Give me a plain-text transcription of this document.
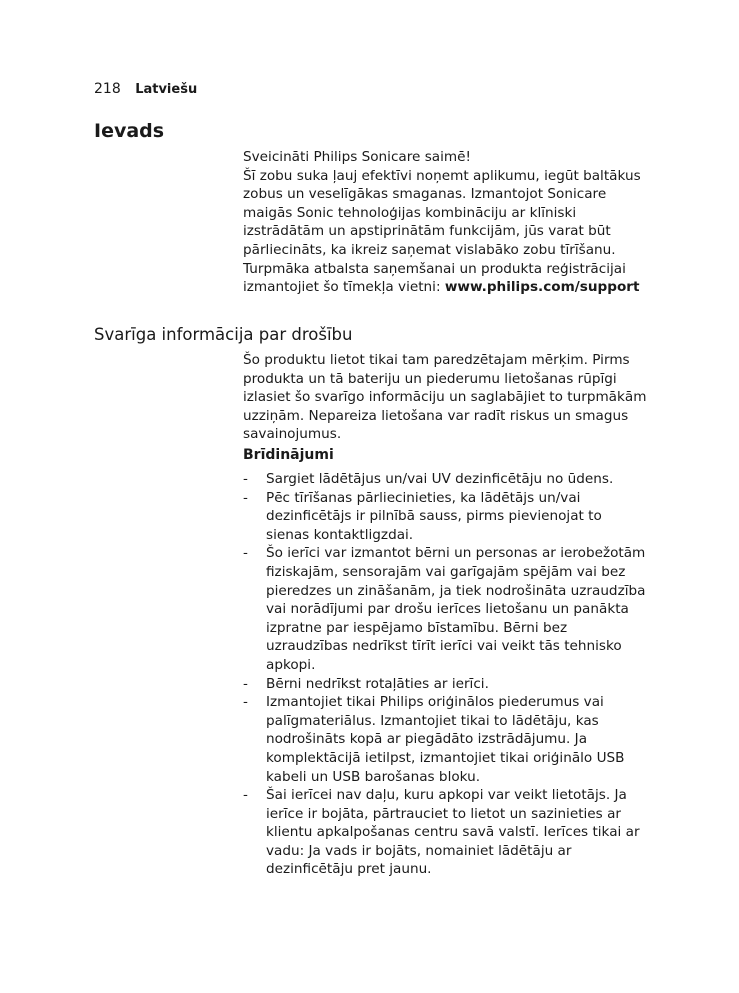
218 Latviešu
Ievads

Sveicināti Philips Sonicare saimē!

Šī zobu suka ļauj efektīvi noņemt aplikumu, iegūt baltākus zobus un veselīgākas smaganas. Izmantojot Sonicare maigās Sonic tehnoloģijas kombināciju ar klīniski izstrādātām un apstiprinātām funkcijām, jūs varat būt pārliecināts, ka ikreiz saņemat vislabāko zobu tīrīšanu.

Turpmāka atbalsta saņemšanai un produkta reģistrācijai izmantojiet šo tīmekļa vietni: www.philips.com/support

Svarīga informācija par drošību

Šo produktu lietot tikai tam paredzētajam mērķim. Pirms produkta un tā bateriju un piederumu lietošanas rūpīgi izlasiet šo svarīgo informāciju un saglabājiet to turpmākām uzziņām. Nepareiza lietošana var radīt riskus un smagus savainojumus.

Brīdinājumi
- Sargiet lādētājus un/vai UV dezinficētāju no ūdens.
- Pēc tīrīšanas pārliecinieties, ka lādētājs un/vai dezinficētājs ir pilnībā sauss, pirms pievienojat to sienas kontaktligzdai.
- Šo ierīci var izmantot bērni un personas ar ierobežotām fiziskajām, sensorajām vai garīgajām spējām vai bez pieredzes un zināšanām, ja tiek nodrošināta uzraudzība vai norādījumi par drošu ierīces lietošanu un panākta izpratne par iespējamo bīstamību. Bērni bez uzraudzības nedrīkst tīrīt ierīci vai veikt tās tehnisko apkopi.
- Bērni nedrīkst rotaļāties ar ierīci.
- Izmantojiet tikai Philips oriģinālos piederumus vai palīgmateriālus. Izmantojiet tikai to lādētāju, kas nodrošināts kopā ar piegādāto izstrādājumu. Ja komplektācijā ietilpst, izmantojiet tikai oriģinālo USB kabeli un USB barošanas bloku.
- Šai ierīcei nav daļu, kuru apkopi var veikt lietotājs. Ja ierīce ir bojāta, pārtrauciet to lietot un sazinieties ar klientu apkalpošanas centru savā valstī. Ierīces tikai ar vadu: Ja vads ir bojāts, nomainiet lādētāju ar dezinficētāju pret jaunu.
